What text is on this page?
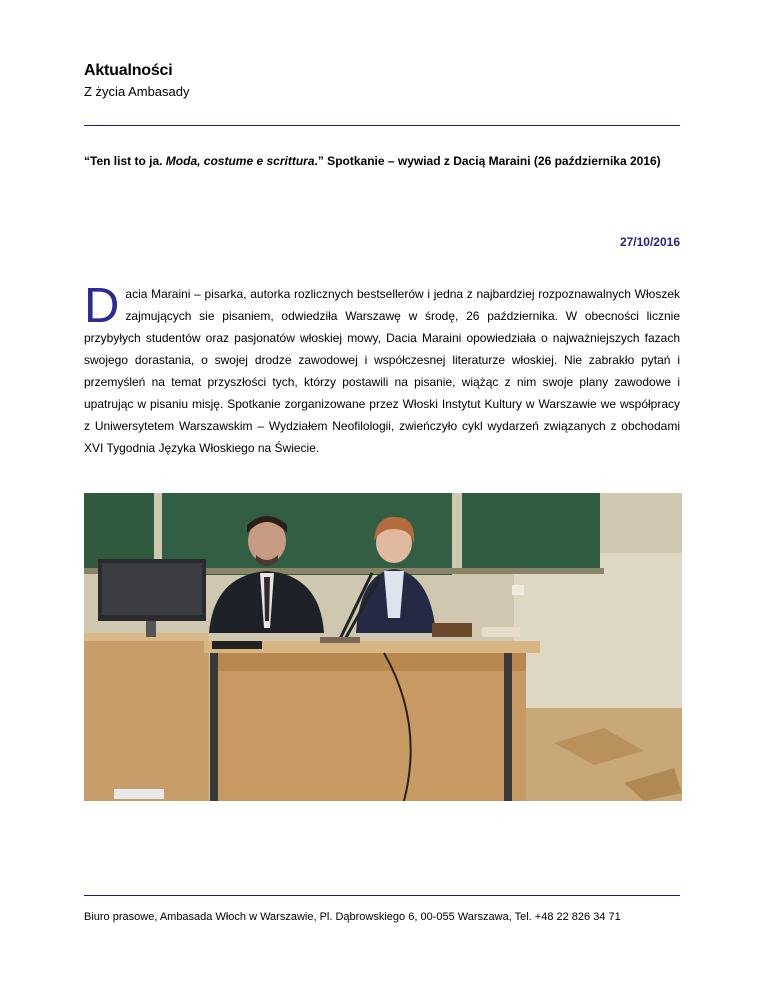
Aktualności
Z życia Ambasady
“Ten list to ja. Moda, costume e scrittura.” Spotkanie – wywiad z Dacią Maraini (26 października 2016)
27/10/2016
Dacia Maraini – pisarka, autorka rozlicznych bestsellerów i jedna z najbardziej rozpoznawalnych Włoszek zajmujących sie pisaniem, odwiedziła Warszawę w środę, 26 października. W obecności licznie przybyłych studentów oraz pasjonatów włoskiej mowy, Dacia Maraini opowiedziała o najważniejszych fazach swojego dorastania, o swojej drodze zawodowej i współczesnej literaturze włoskiej. Nie zabrakło pytań i przemyśleń na temat przyszłości tych, którzy postawili na pisanie, wiążąc z nim swoje plany zawodowe i upatrując w pisaniu misję. Spotkanie zorganizowane przez Włoski Instytut Kultury w Warszawie we współpracy z Uniwersytetem Warszawskim – Wydziałem Neofilologii, zwieńczyło cykl wydarzeń związanych z obchodami XVI Tygodnia Języka Włoskiego na Świecie.
Biuro prasowe, Ambasada Włoch w Warszawie, Pl. Dąbrowskiego 6, 00-055 Warszawa, Tel. +48 22 826 34 71
